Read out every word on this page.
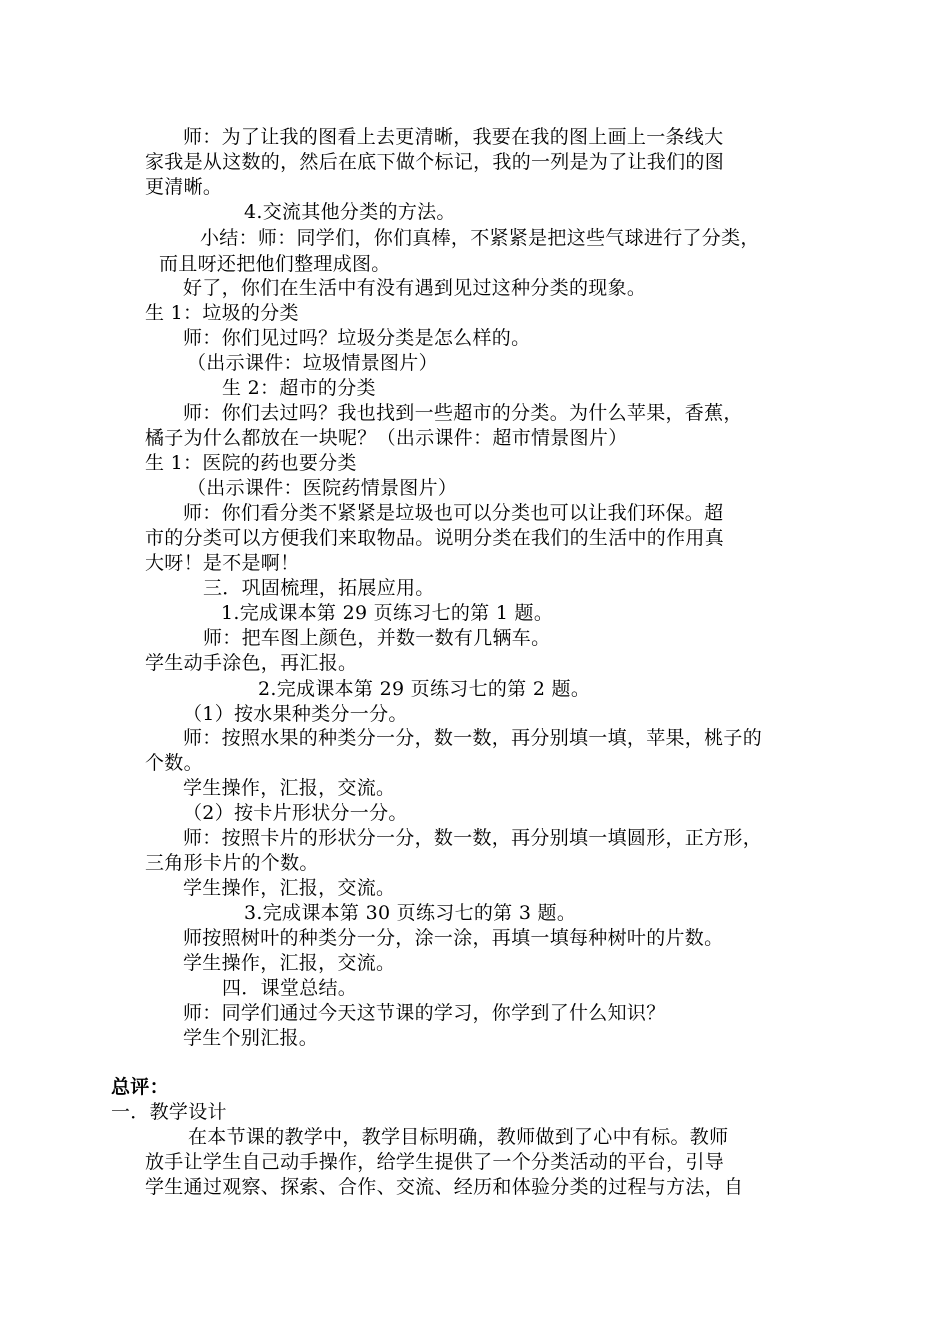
师：为了让我的图看上去更清晰，我要在我的图上画上一条线大
家我是从这数的，然后在底下做个标记，我的一列是为了让我们的图
更清晰。
4.交流其他分类的方法。
小结：师：同学们，你们真棒，不紧紧是把这些气球进行了分类，
而且呀还把他们整理成图。
好了，你们在生活中有没有遇到见过这种分类的现象。
生 1：垃圾的分类
师：你们见过吗？垃圾分类是怎么样的。
（出示课件：垃圾情景图片）
生 2：超市的分类
师：你们去过吗？我也找到一些超市的分类。为什么苹果，香蕉，
橘子为什么都放在一块呢？（出示课件：超市情景图片）
生 1：医院的药也要分类
（出示课件：医院药情景图片）
师：你们看分类不紧紧是垃圾也可以分类也可以让我们环保。超
市的分类可以方便我们来取物品。说明分类在我们的生活中的作用真
大呀！是不是啊！
三．巩固梳理，拓展应用。
1.完成课本第 29 页练习七的第 1 题。
师：把车图上颜色，并数一数有几辆车。
学生动手涂色，再汇报。
2.完成课本第 29 页练习七的第 2 题。
（1）按水果种类分一分。
师：按照水果的种类分一分，数一数，再分别填一填，苹果，桃子的
个数。
学生操作，汇报，交流。
（2）按卡片形状分一分。
师：按照卡片的形状分一分，数一数，再分别填一填圆形，正方形，
三角形卡片的个数。
学生操作，汇报，交流。
3.完成课本第 30 页练习七的第 3 题。
师按照树叶的种类分一分，涂一涂，再填一填每种树叶的片数。
学生操作，汇报，交流。
四．课堂总结。
师：同学们通过今天这节课的学习，你学到了什么知识？
学生个别汇报。
总评：
一．教学设计
在本节课的教学中，教学目标明确，教师做到了心中有标。教师
放手让学生自己动手操作，给学生提供了一个分类活动的平台，引导
学生通过观察、探索、合作、交流、经历和体验分类的过程与方法，自
